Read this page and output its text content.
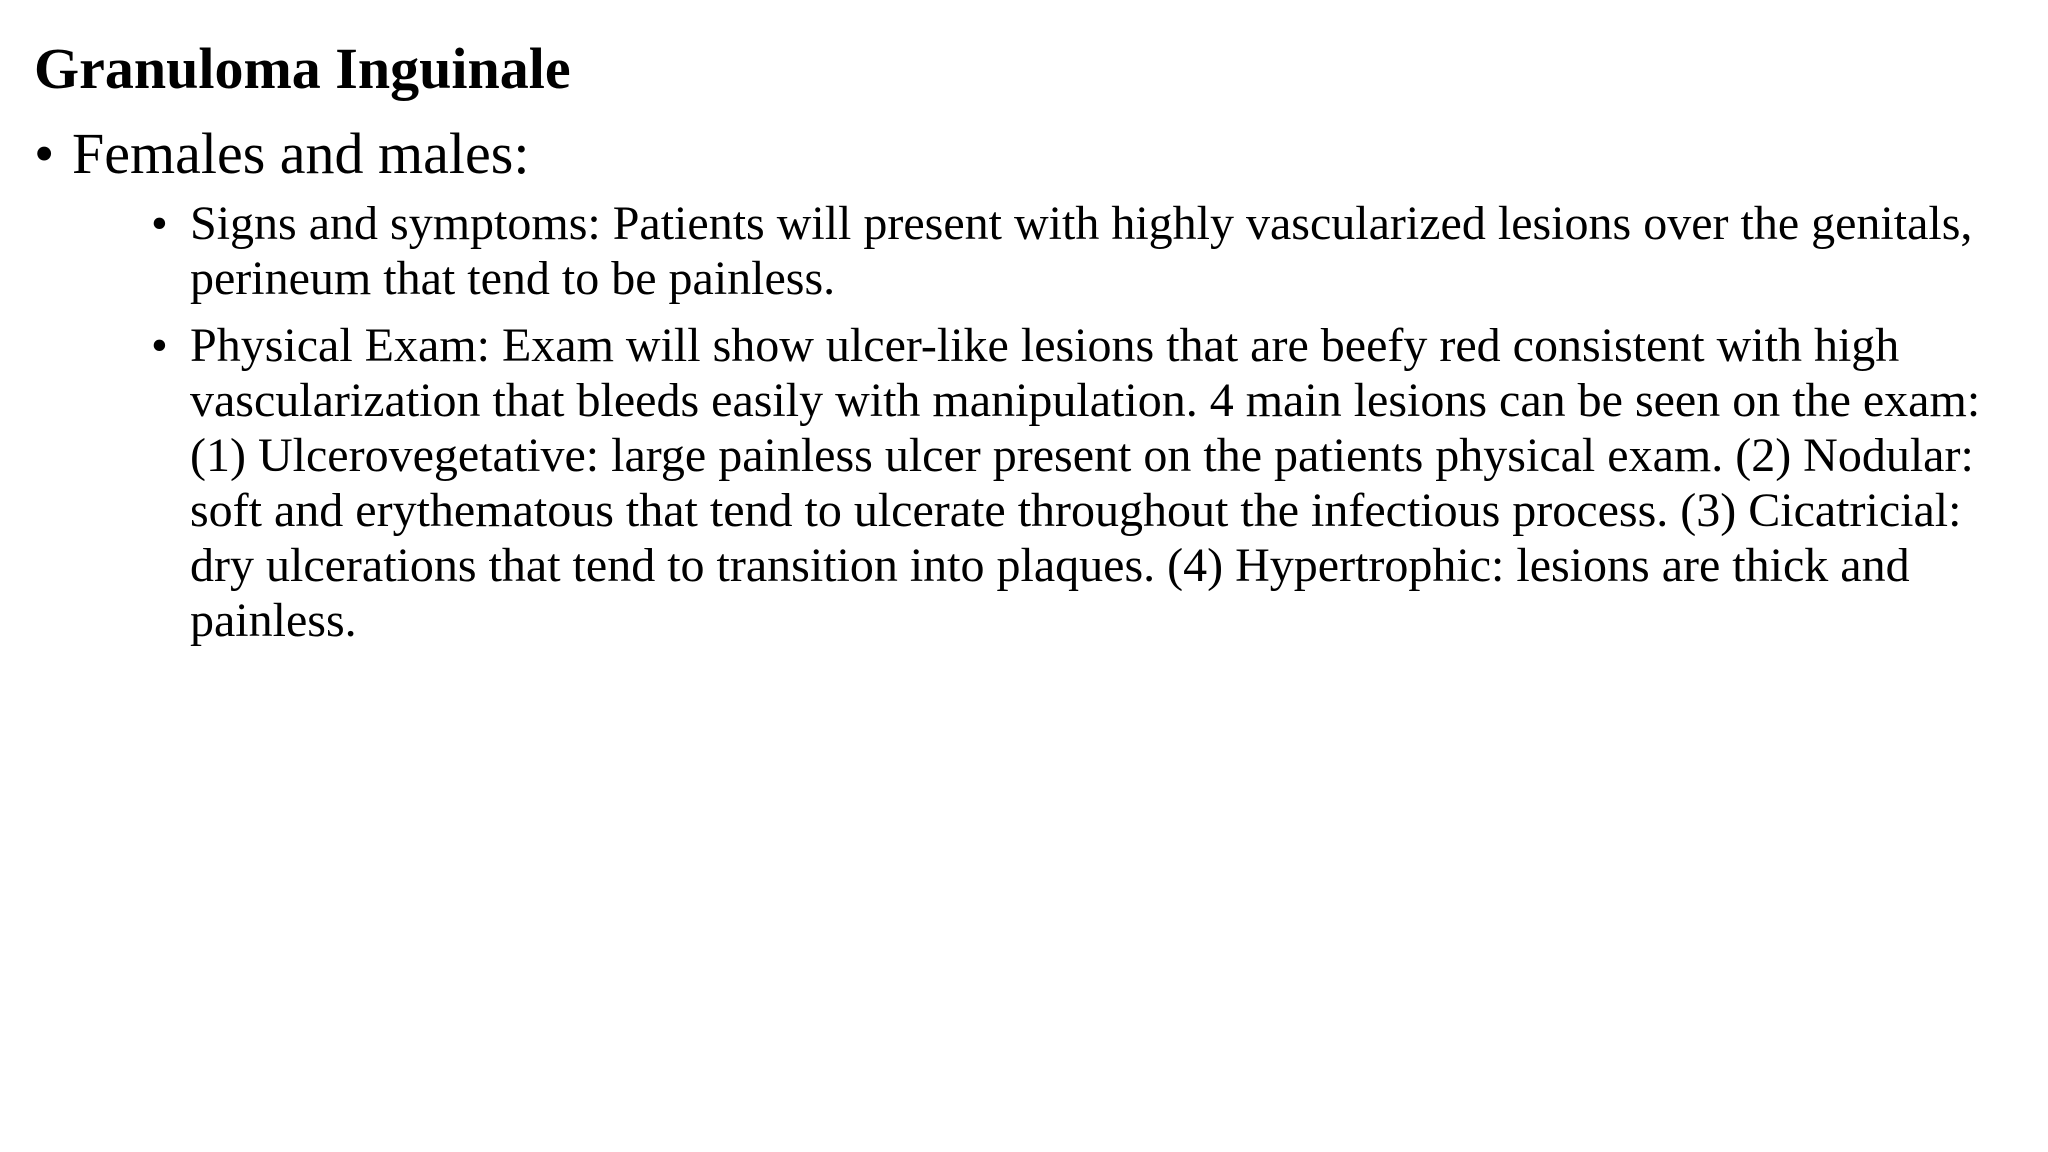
Granuloma Inguinale
• Females and males:
• Signs and symptoms: Patients will present with highly vascularized lesions over the genitals, perineum that tend to be painless.
• Physical Exam: Exam will show ulcer-like lesions that are beefy red consistent with high vascularization that bleeds easily with manipulation. 4 main lesions can be seen on the exam: (1) Ulcerovegetative: large painless ulcer present on the patients physical exam. (2) Nodular: soft and erythematous that tend to ulcerate throughout the infectious process. (3) Cicatricial: dry ulcerations that tend to transition into plaques. (4) Hypertrophic: lesions are thick and painless.
